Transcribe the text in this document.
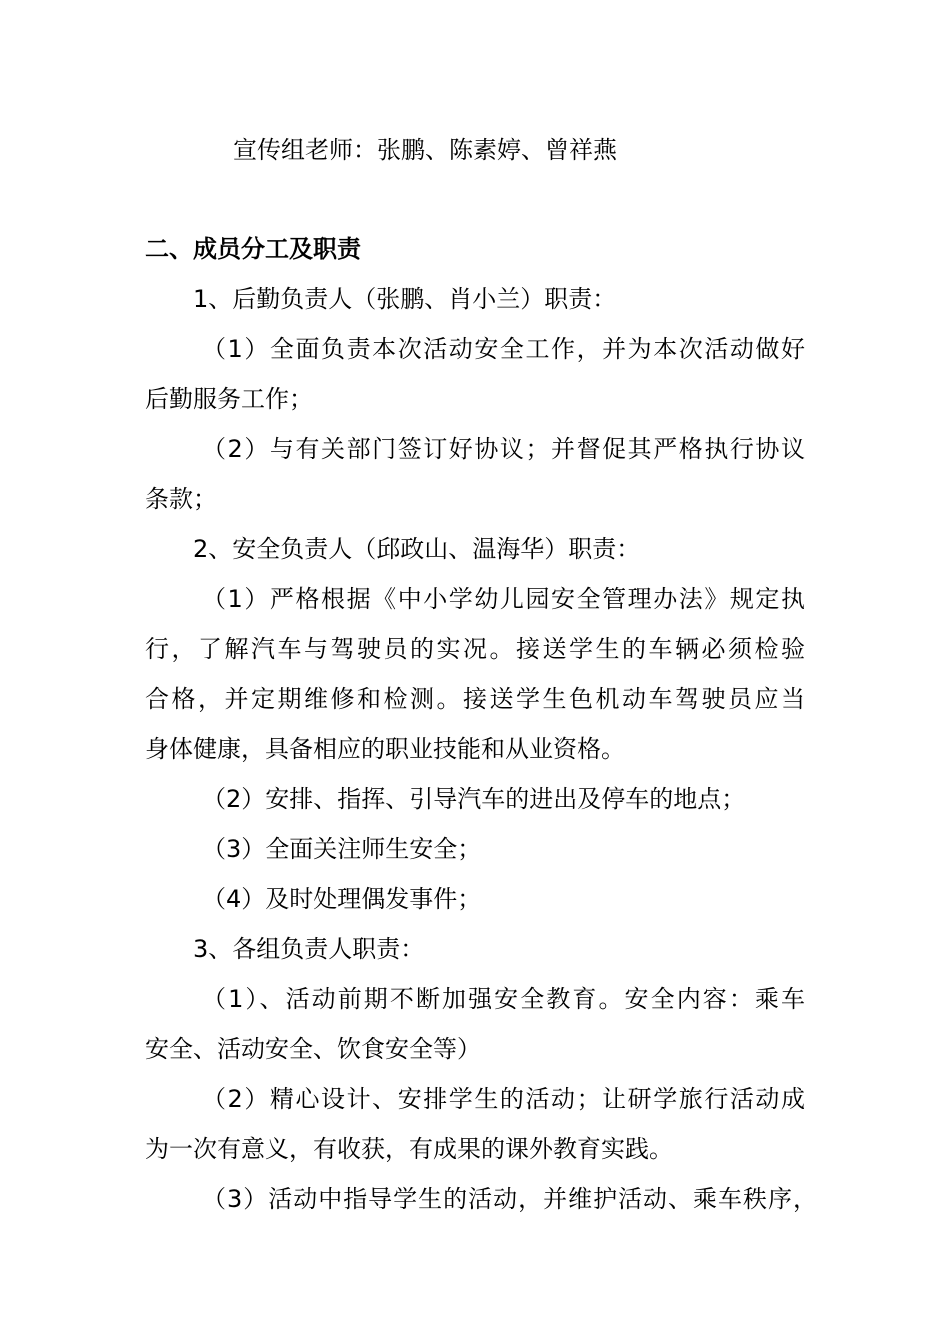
宣传组老师：张鹏、陈素婷、曾祥燕
二、成员分工及职责
1、后勤负责人（张鹏、肖小兰）职责：
（1）全面负责本次活动安全工作，并为本次活动做好
后勤服务工作；
（2）与有关部门签订好协议；并督促其严格执行协议
条款；
2、安全负责人（邱政山、温海华）职责：
（1）严格根据《中小学幼儿园安全管理办法》规定执
行，了解汽车与驾驶员的实况。接送学生的车辆必须检验
合格，并定期维修和检测。接送学生色机动车驾驶员应当
身体健康，具备相应的职业技能和从业资格。
（2）安排、指挥、引导汽车的进出及停车的地点；
（3）全面关注师生安全；
（4）及时处理偶发事件；
3、各组负责人职责：
（1）、活动前期不断加强安全教育。安全内容：乘车
安全、活动安全、饮食安全等）
（2）精心设计、安排学生的活动；让研学旅行活动成
为一次有意义，有收获，有成果的课外教育实践。
（3）活动中指导学生的活动，并维护活动、乘车秩序，
